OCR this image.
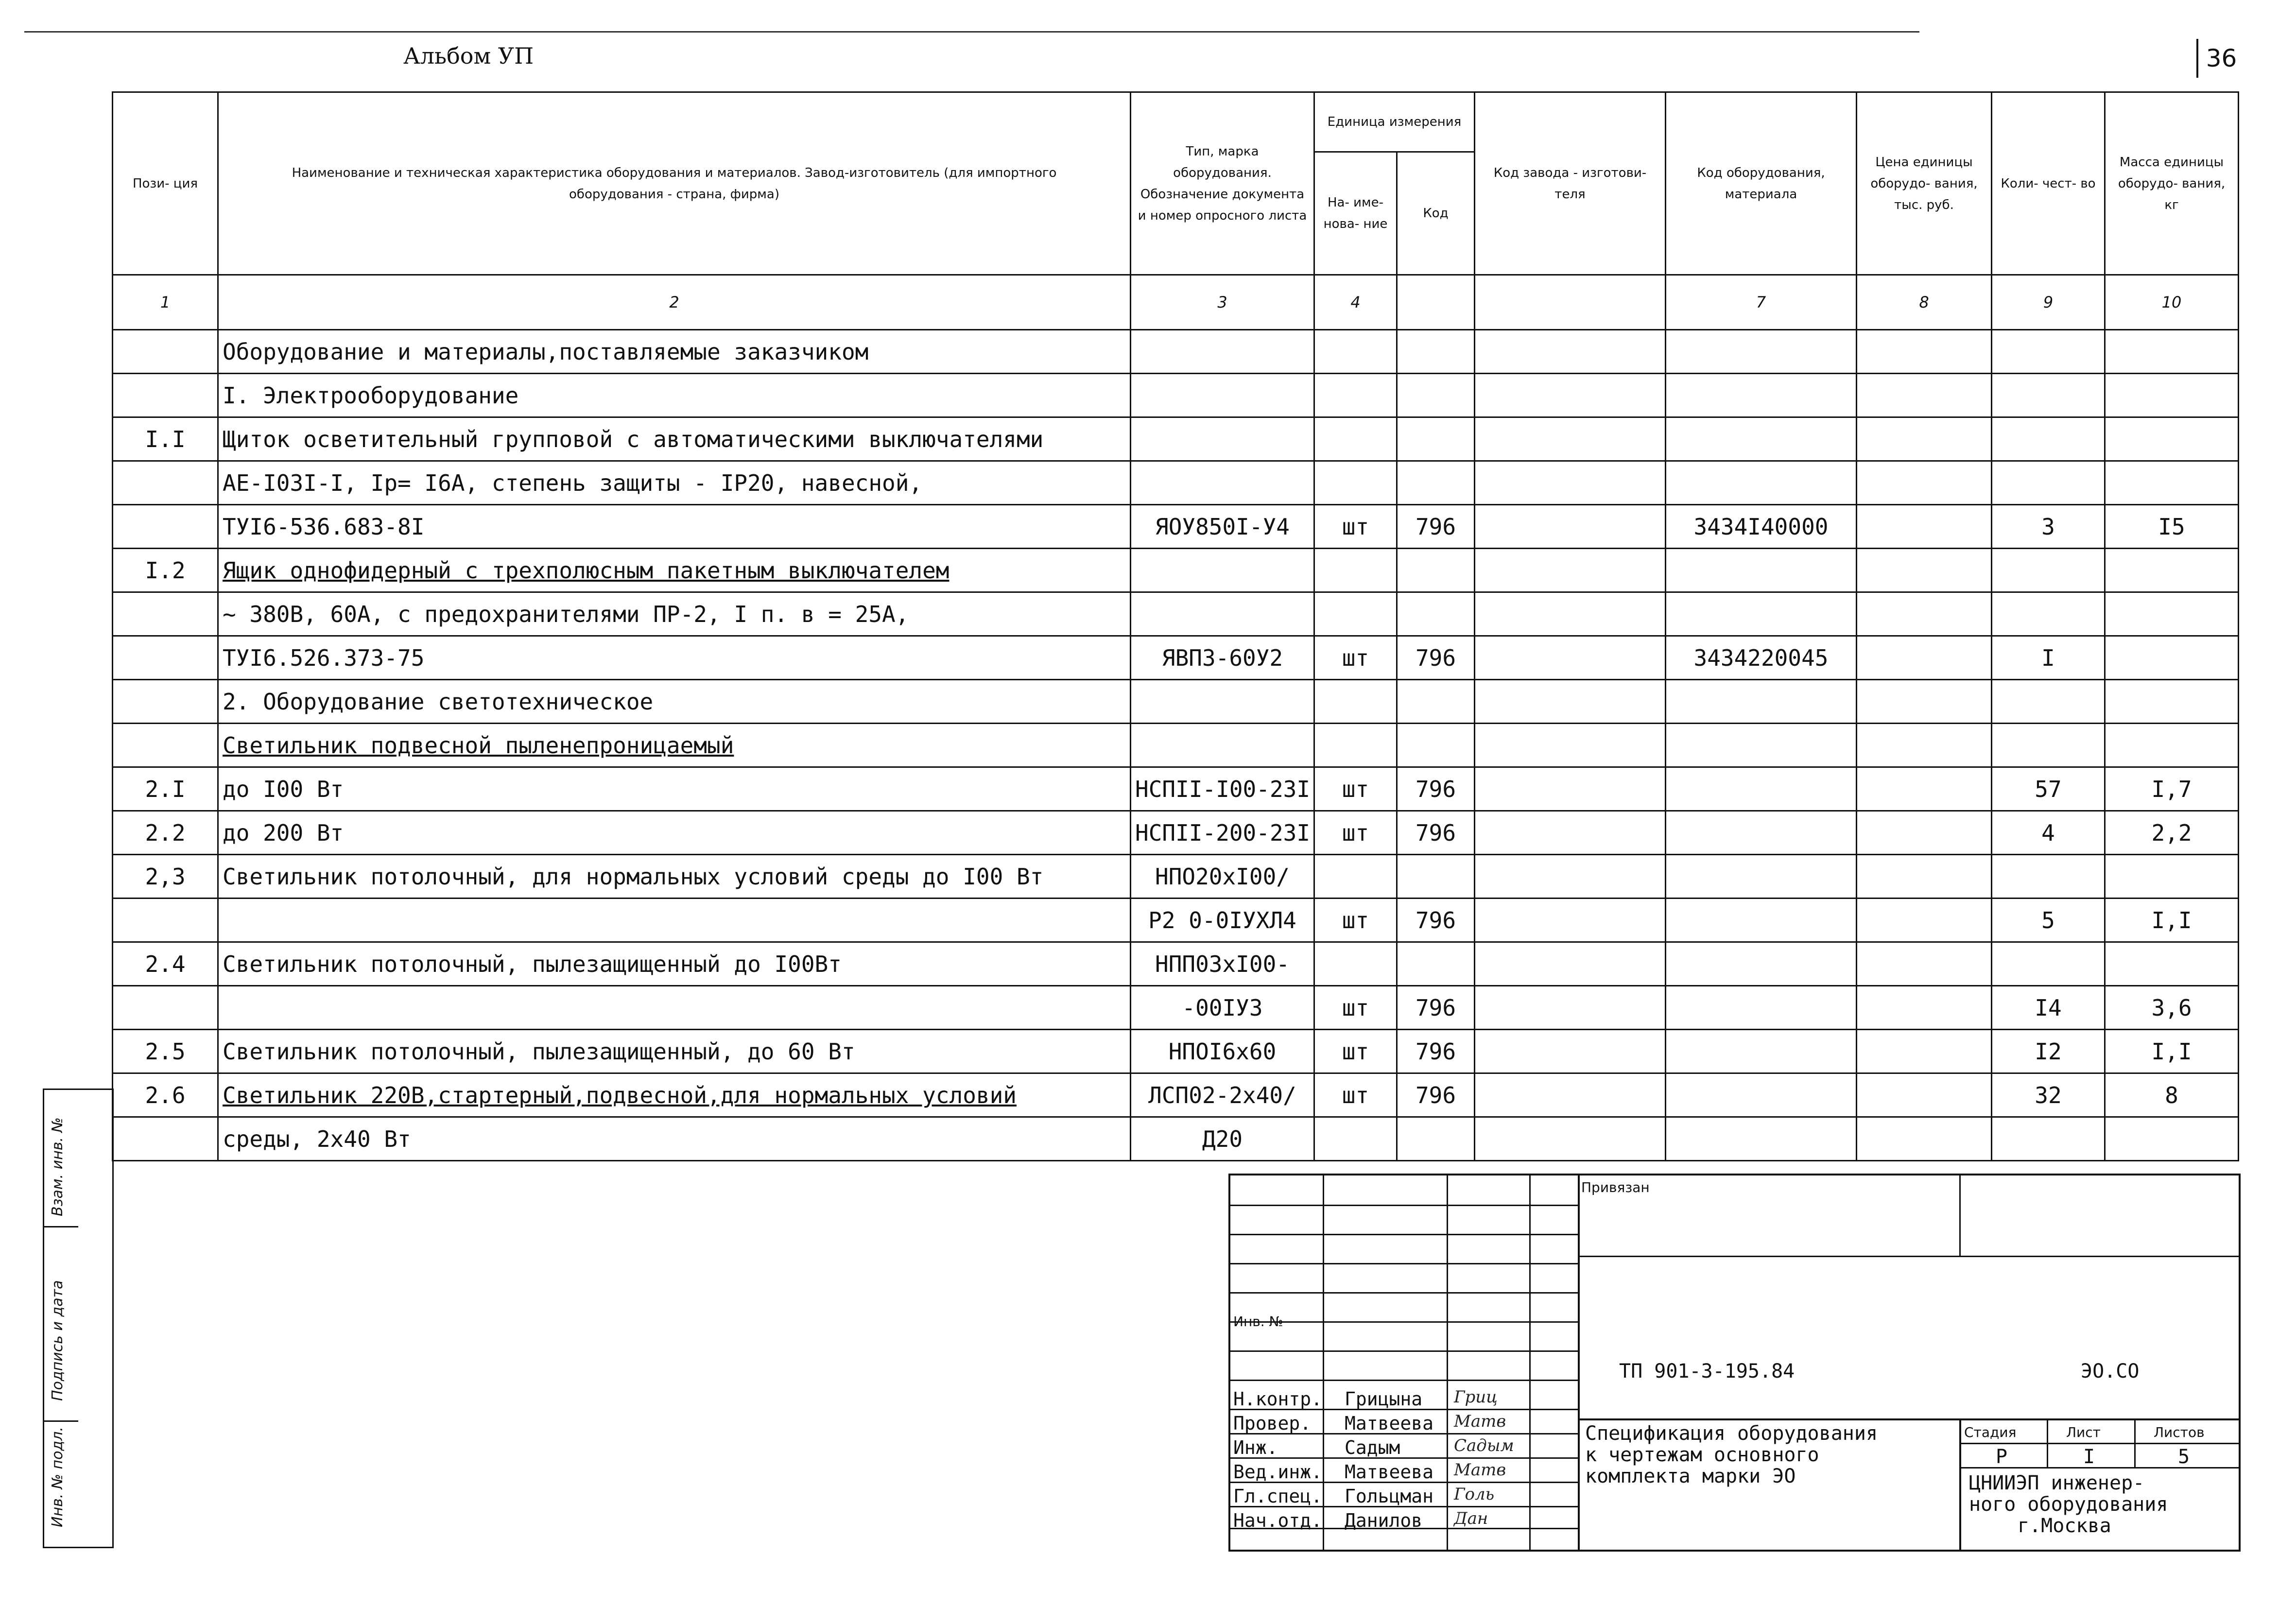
Альбом УП	36
Пози- ция	Наименование и техническая характеристика оборудования и материалов. Завод-изготовитель (для импортного оборудования - страна, фирма)	Тип, марка оборудования. Обозначение документа и номер опросного листа	Единица измерения		Код завода - изготови- теля	Код оборудования, материала	Цена единицы оборудо- вания, тыс. руб.	Коли- чест- во	Масса единицы оборудо- вания, кг
			На- име- нова- ние	Код					
1	2	3	4			7	8	9	10
	Оборудование и материалы,поставляемые заказчиком								
	I. Электрооборудование								
I.I	Щиток осветительный групповой с автоматическими выключателями								
	АЕ-I03I-I, Iр= I6А, степень защиты - IP20, навесной,								
	ТУI6-536.683-8I	ЯОУ850I-У4	шт	796		3434I40000		3	I5
I.2	Ящик однофидерный с трехполюсным пакетным выключателем								
	~ 380В, 60А, с предохранителями ПР-2, I п. в = 25А,								
	ТУI6.526.373-75	ЯВП3-60У2	шт	796		3434220045		I	
	2. Оборудование светотехническое								
	Светильник подвесной пыленепроницаемый								
2.I	до I00 Вт	НСПII-I00-23I	шт	796				57	I,7
2.2	до 200 Вт	НСПII-200-23I	шт	796				4	2,2
2,3	Светильник потолочный, для нормальных условий среды до I00 Вт	НПО20хI00/							
		Р2 0-0IУХЛ4	шт	796				5	I,I
2.4	Светильник потолочный, пылезащищенный до I00Вт	НПП03хI00-							
		-00IУ3	шт	796				I4	3,6
2.5	Светильник потолочный, пылезащищенный, до 60 Вт	НПОI6х60	шт	796				I2	I,I
2.6	Светильник 220В,стартерный,подвесной,для нормальных условий	ЛСП02-2х40/	шт	796				32	8
	среды, 2х40 Вт	Д20							
Инв. № подл.
Подпись и дата
Взам. инв. №	Привязан
Инв. №
ТП 901-3-195.84	ЭО.СО
Спецификация оборудования
к чертежам основного
комплекта марки ЭО
Стадия	Лист	Листов
Р	I	5
ЦНИИЭП инженер-
ного оборудования
г.Москва
Н.контр. Грицына Гриц
Провер. Матвеева Матв
Инж.	Садым	Садым
Вед.инж. Матвеева Матв
Гл.спец. Гольцман Голь
Нач.отд. Данилов Дан
